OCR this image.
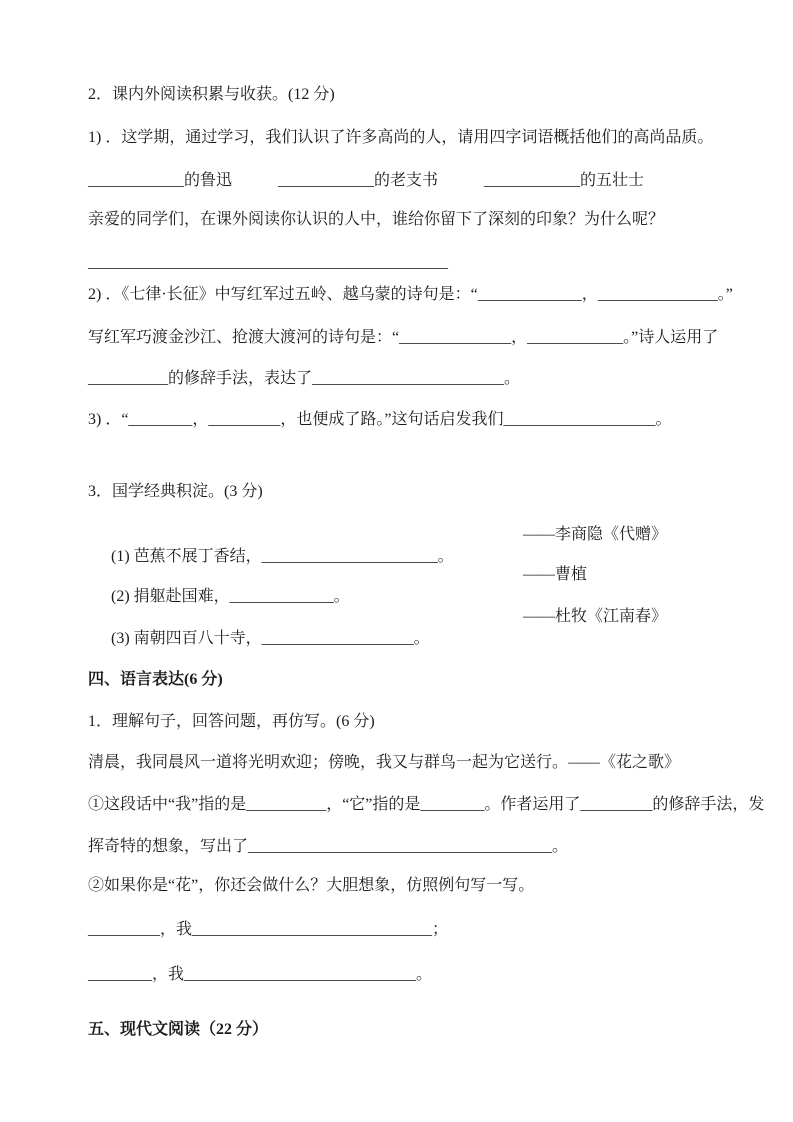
2．课内外阅读积累与收获。(12 分)
1) ．这学期，通过学习，我们认识了许多高尚的人，请用四字词语概括他们的高尚品质。
____________的鲁迅	____________的老支书	____________的五壮士
亲爱的同学们，在课外阅读你认识的人中，谁给你留下了深刻的印象？为什么呢？
_____________________________________________
2) ．《七律·长征》中写红军过五岭、越乌蒙的诗句是：“_____________，_______________。”
写红军巧渡金沙江、抢渡大渡河的诗句是：“______________，____________。”诗人运用了
__________的修辞手法，表达了________________________。
3) ．“________，_________，也便成了路。”这句话启发我们___________________。
3．国学经典积淀。(3 分)

(1) 芭蕉不展丁香结，______________________。

——李商隐《代赠》

(2) 捐躯赴国难，_____________。

——曹植

(3) 南朝四百八十寺，___________________。

——杜牧《江南春》

四、语言表达(6 分)
1．理解句子，回答问题，再仿写。(6 分)
清晨，我同晨风一道将光明欢迎；傍晚，我又与群鸟一起为它送行。——《花之歌》
①这段话中“我”指的是__________，“它”指的是________。作者运用了_________的修辞手法，发
挥奇特的想象，写出了______________________________________。
②如果你是“花”，你还会做什么？大胆想象，仿照例句写一写。
_________，我______________________________；
________，我_____________________________。
五、现代文阅读（22 分）
